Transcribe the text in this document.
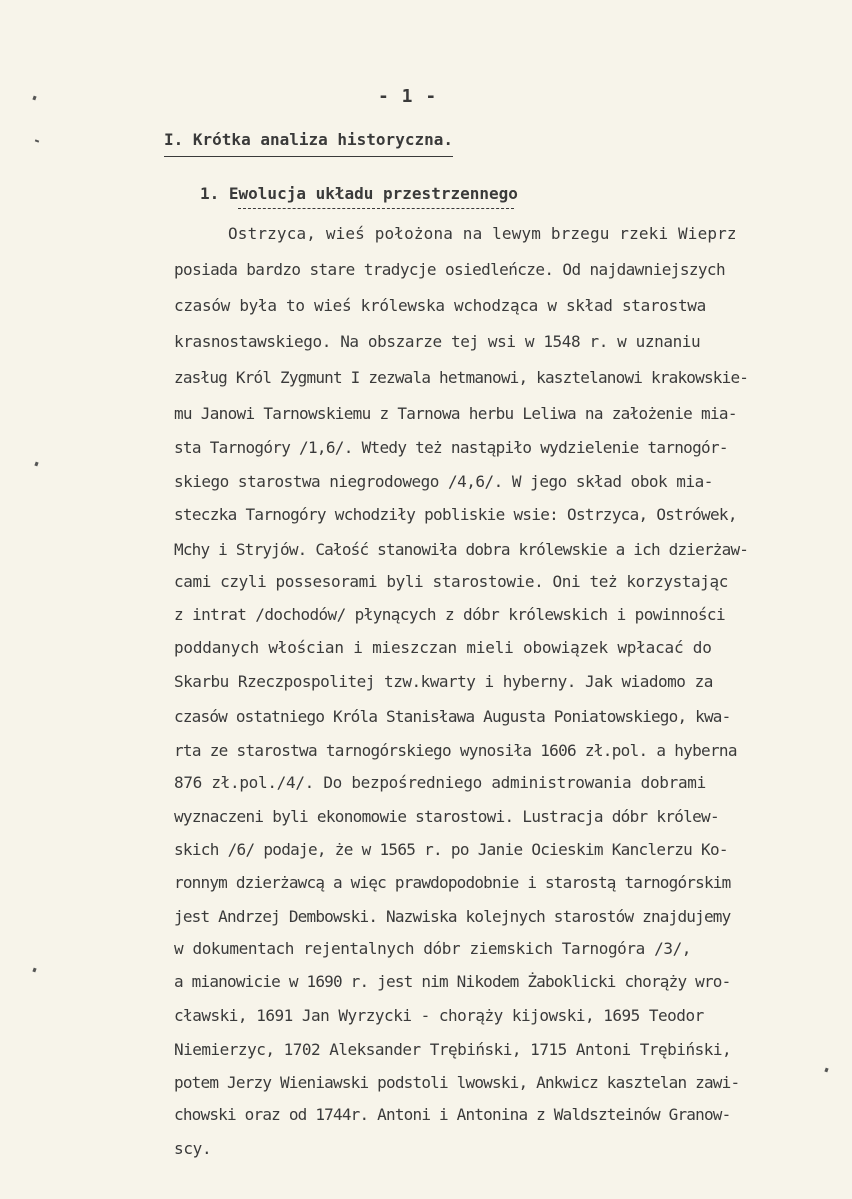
- 1 -
I. Krótka analiza historyczna.
1. Ewolucja układu przestrzennego
Ostrzyca, wieś położona na lewym brzegu rzeki Wieprz
posiada bardzo stare tradycje osiedleńcze. Od najdawniejszych
czasów była to wieś królewska wchodząca w skład starostwa
krasnostawskiego. Na obszarze tej wsi w 1548 r. w uznaniu
zasług Król Zygmunt I zezwala hetmanowi, kasztelanowi krakowskie-
mu Janowi Tarnowskiemu z Tarnowa herbu Leliwa na założenie mia-
sta Tarnogóry /1,6/. Wtedy też nastąpiło wydzielenie tarnogór-
skiego starostwa niegrodowego /4,6/. W jego skład obok mia-
steczka Tarnogóry wchodziły pobliskie wsie: Ostrzyca, Ostrówek,
Mchy i Stryjów. Całość stanowiła dobra królewskie a ich dzierżaw-
cami czyli possesorami byli starostowie. Oni też korzystając
z intrat /dochodów/ płynących z dóbr królewskich i powinności
poddanych włościan i mieszczan mieli obowiązek wpłacać do
Skarbu Rzeczpospolitej tzw.kwarty i hyberny. Jak wiadomo za
czasów ostatniego Króla Stanisława Augusta Poniatowskiego, kwa-
rta ze starostwa tarnogórskiego wynosiła 1606 zł.pol. a hyberna
876 zł.pol./4/. Do bezpośredniego administrowania dobrami
wyznaczeni byli ekonomowie starostowi. Lustracja dóbr królew-
skich /6/ podaje, że w 1565 r. po Janie Ocieskim Kanclerzu Ko-
ronnym dzierżawcą a więc prawdopodobnie i starostą tarnogórskim
jest Andrzej Dembowski. Nazwiska kolejnych starostów znajdujemy
w dokumentach rejentalnych dóbr ziemskich Tarnogóra /3/,
a mianowicie w 1690 r. jest nim Nikodem Żaboklicki chorąży wro-
cławski, 1691 Jan Wyrzycki - chorąży kijowski, 1695 Teodor
Niemierzyc, 1702 Aleksander Trębiński, 1715 Antoni Trębiński,
potem Jerzy Wieniawski podstoli lwowski, Ankwicz kasztelan zawi-
chowski oraz od 1744r. Antoni i Antonina z Waldszteinów Granow-
scy.
